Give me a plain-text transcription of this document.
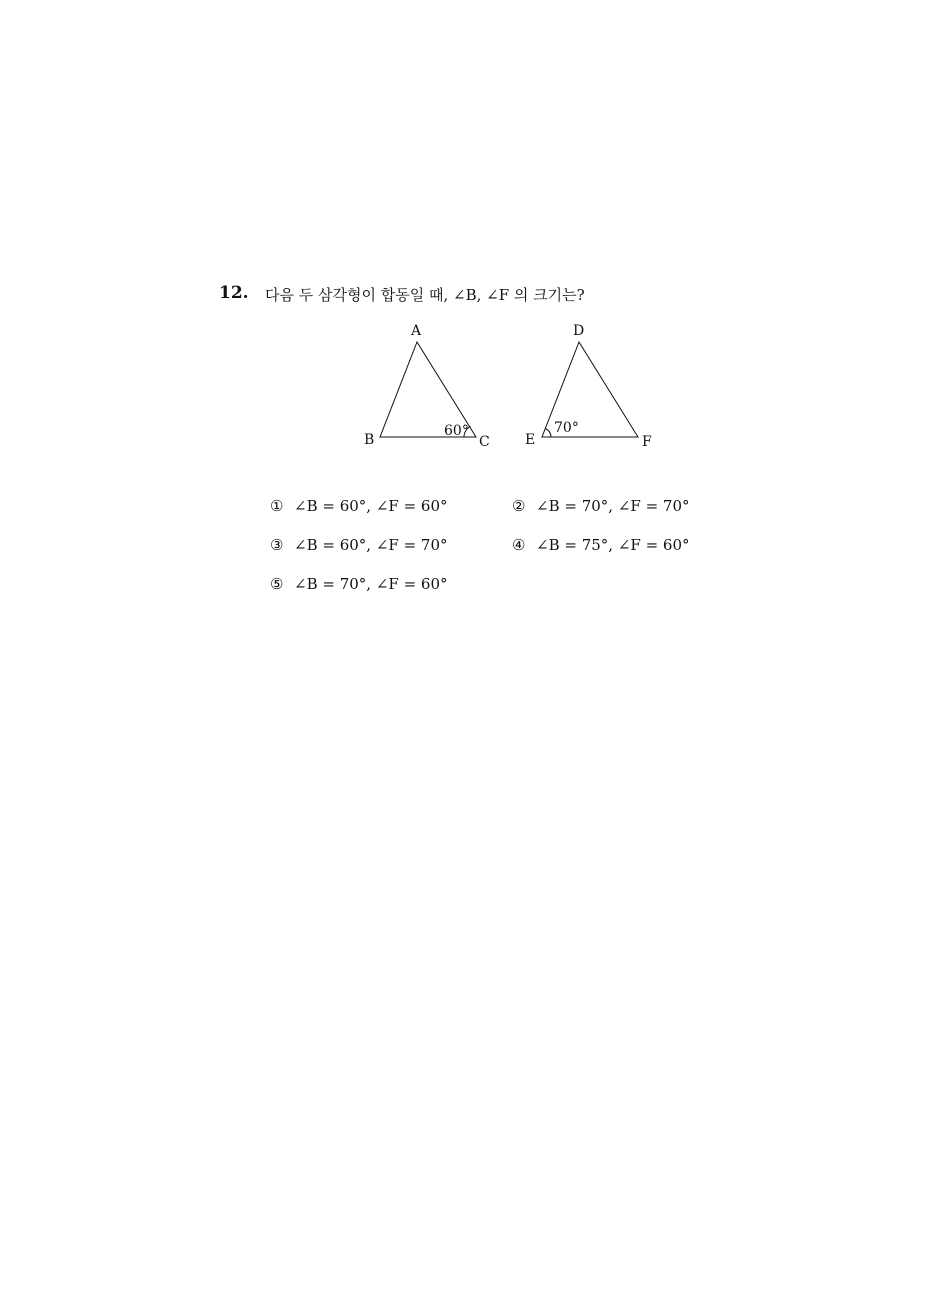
12. 다음 두 삼각형이 합동일 때, ∠B, ∠F 의 크기는?
A
B	C
60°
D
E	F
70°
① ∠B = 60°, ∠F = 60°	② ∠B = 70°, ∠F = 70°
③ ∠B = 60°, ∠F = 70°	④ ∠B = 75°, ∠F = 60°
⑤ ∠B = 70°, ∠F = 60°
